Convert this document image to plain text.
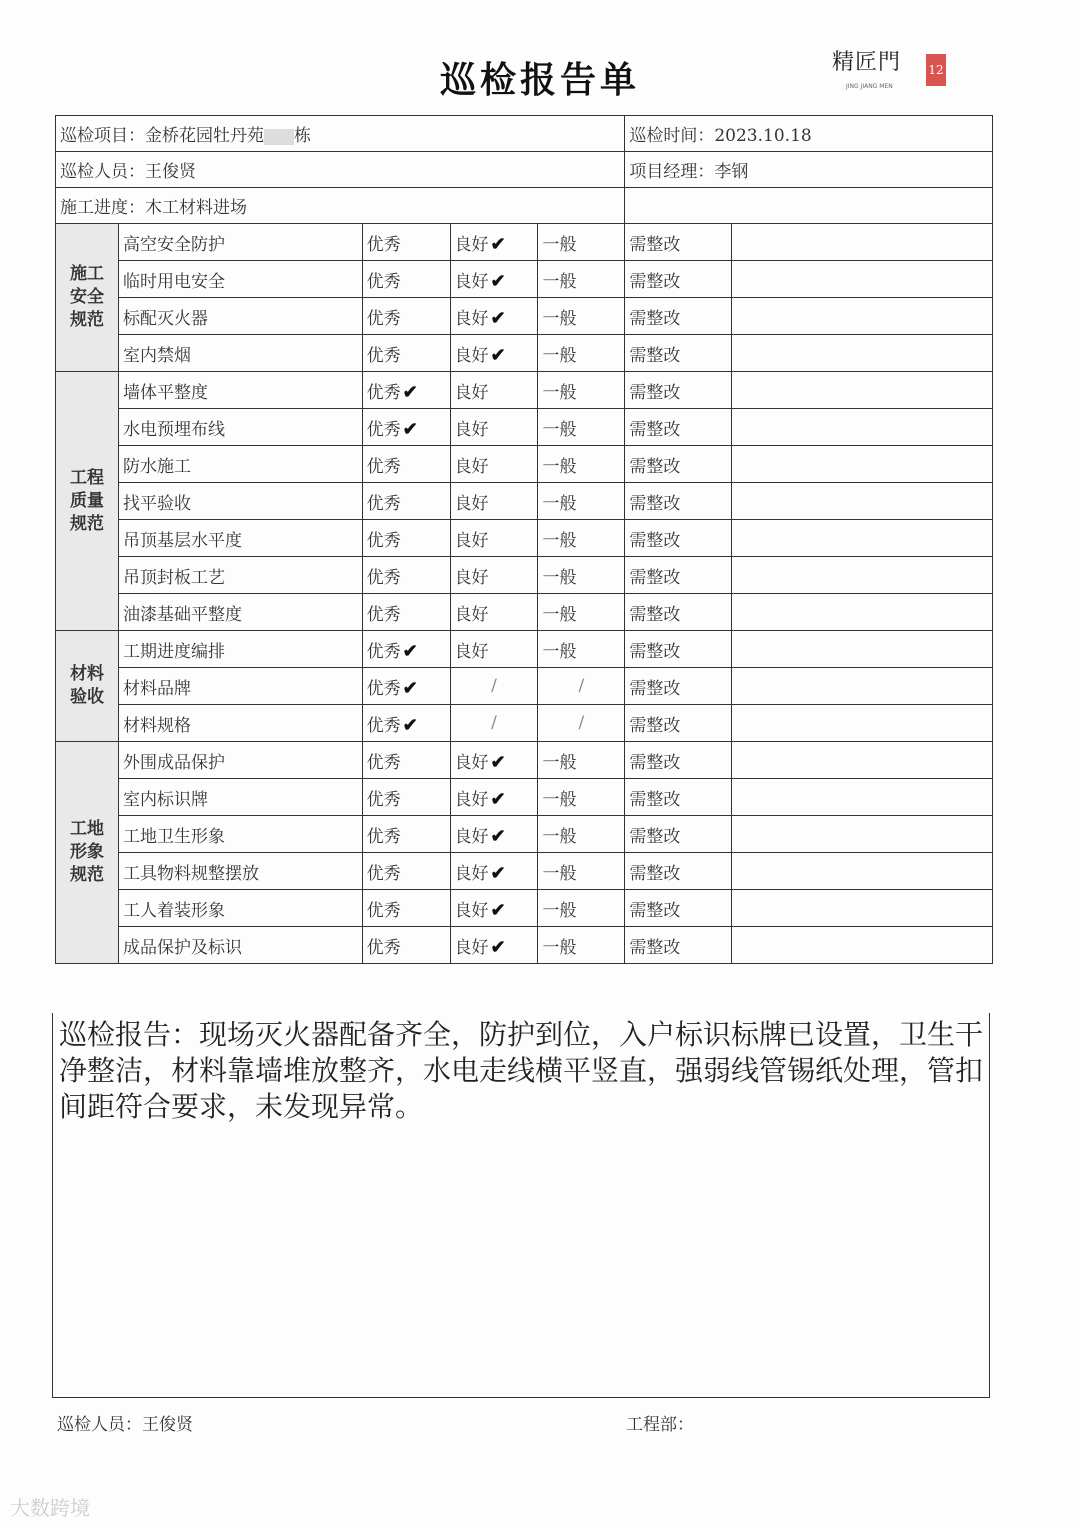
巡检报告单	精匠門
JING JIANG MEN
12
巡检项目：金桥花园牡丹苑 栋					巡检时间：2023.10.18	
巡检人员：王俊贤					项目经理：李钢	
施工进度：木工材料进场						
施工安全规范	高空安全防护	优秀	良好 ✔	一般	需整改	
	临时用电安全	优秀	良好 ✔	一般	需整改	
	标配灭火器	优秀	良好 ✔	一般	需整改	
	室内禁烟	优秀	良好 ✔	一般	需整改	
工程质量规范	墙体平整度	优秀 ✔	良好	一般	需整改	
	水电预埋布线	优秀 ✔	良好	一般	需整改	
	防水施工	优秀	良好	一般	需整改	
	找平验收	优秀	良好	一般	需整改	
	吊顶基层水平度	优秀	良好	一般	需整改	
	吊顶封板工艺	优秀	良好	一般	需整改	
	油漆基础平整度	优秀	良好	一般	需整改	
材料验收	工期进度编排	优秀 ✔	良好	一般	需整改	
	材料品牌	优秀 ✔	/	/	需整改	
	材料规格	优秀 ✔	/	/	需整改	
工地形象规范	外围成品保护	优秀	良好 ✔	一般	需整改	
	室内标识牌	优秀	良好 ✔	一般	需整改	
	工地卫生形象	优秀	良好 ✔	一般	需整改	
	工具物料规整摆放	优秀	良好 ✔	一般	需整改	
	工人着装形象	优秀	良好 ✔	一般	需整改	
	成品保护及标识	优秀	良好 ✔	一般	需整改	

巡检报告：现场灭火器配备齐全，防护到位，入户标识标牌已设置，卫生干净整洁，材料靠墙堆放整齐，水电走线横平竖直，强弱线管锡纸处理，管扣间距符合要求，未发现异常。

巡检人员：王俊贤	工程部：
大数跨境
